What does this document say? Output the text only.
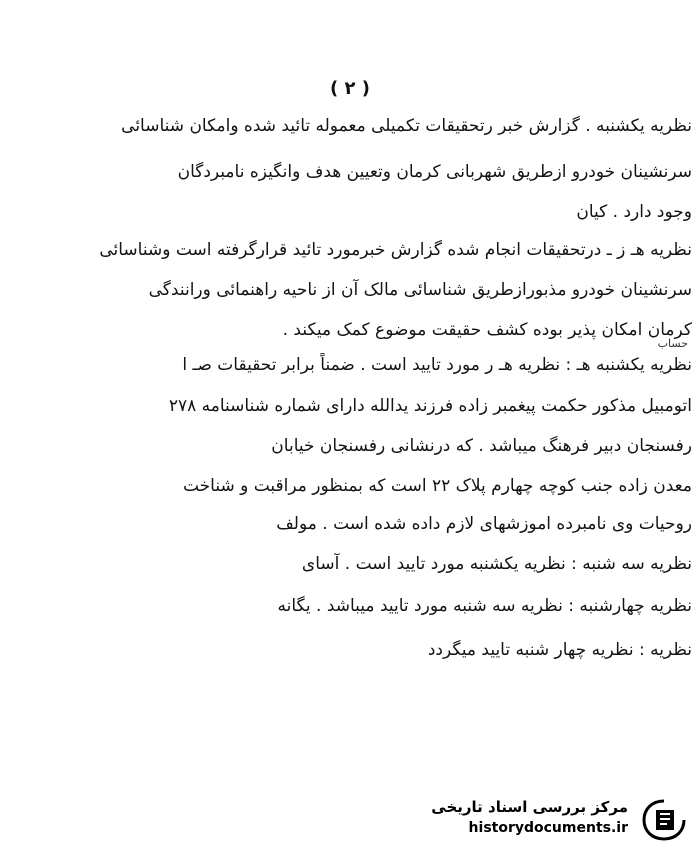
( ٢ )
نظریه یکشنبه . گزارش خبر رتحقیقات تکمیلی معموله تائید شده وامکان شناسائی
سرنشینان خودرو ازطریق شهربانی کرمان وتعیین هدف وانگیزه نامبردگان
وجود دارد . کیان
نظریه هـ ز ـ درتحقیقات انجام شده گزارش خبرمورد تائید قرارگرفته است وشناسائی
سرنشینان خودرو مذبورازطریق شناسائی مالک آن از ناحیه راهنمائی ورانندگی
کرمان امکان پذیر بوده کشف حقیقت موضوع کمک میکند .
نظریه یکشنبه هـ : نظریه هـ ر مورد تایید است . ضمناً برابر تحقیقات صـ ا
اتومبیل مذکور حکمت پیغمبر زاده فرزند یدالله دارای شماره شناسنامه ٢٧٨
رفسنجان دبیر فرهنگ میباشد . که درنشانی رفسنجان خیابان
معدن زاده جنب کوچه چهارم پلاک ٢٢ است که بمنظور مراقبت و شناخت
روحیات وی نامبرده اموزشهای لازم داده شده است . مولف
نظریه سه شنبه : نظریه یکشنبه مورد تایید است . آسای
نظریه چهارشنبه : نظریه سه شنبه مورد تایید میباشد . یگانه
نظریه : نظریه چهار شنبه تایید میگردد
حساب
مرکز بررسی اسناد تاریخی
historydocuments.ir
